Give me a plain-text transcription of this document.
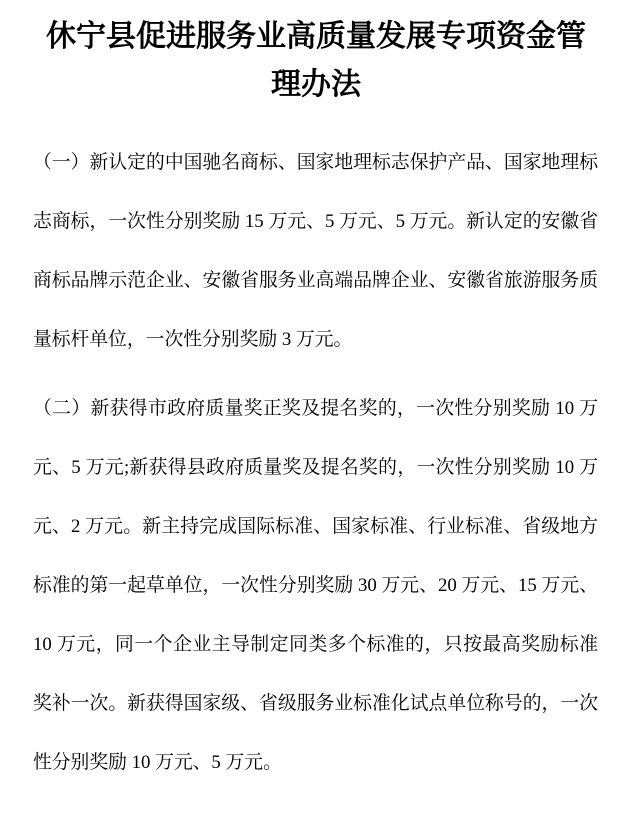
休宁县促进服务业高质量发展专项资金管
理办法

（一）新认定的中国驰名商标、国家地理标志保护产品、国家地理标志商标，一次性分别奖励 15 万元、5 万元、5 万元。新认定的安徽省商标品牌示范企业、安徽省服务业高端品牌企业、安徽省旅游服务质量标杆单位，一次性分别奖励 3 万元。

（二）新获得市政府质量奖正奖及提名奖的，一次性分别奖励 10 万元、5 万元;新获得县政府质量奖及提名奖的，一次性分别奖励 10 万元、2 万元。新主持完成国际标准、国家标准、行业标准、省级地方标准的第一起草单位，一次性分别奖励 30 万元、20 万元、15 万元、10 万元，同一个企业主导制定同类多个标准的，只按最高奖励标准奖补一次。新获得国家级、省级服务业标准化试点单位称号的，一次性分别奖励 10 万元、5 万元。
